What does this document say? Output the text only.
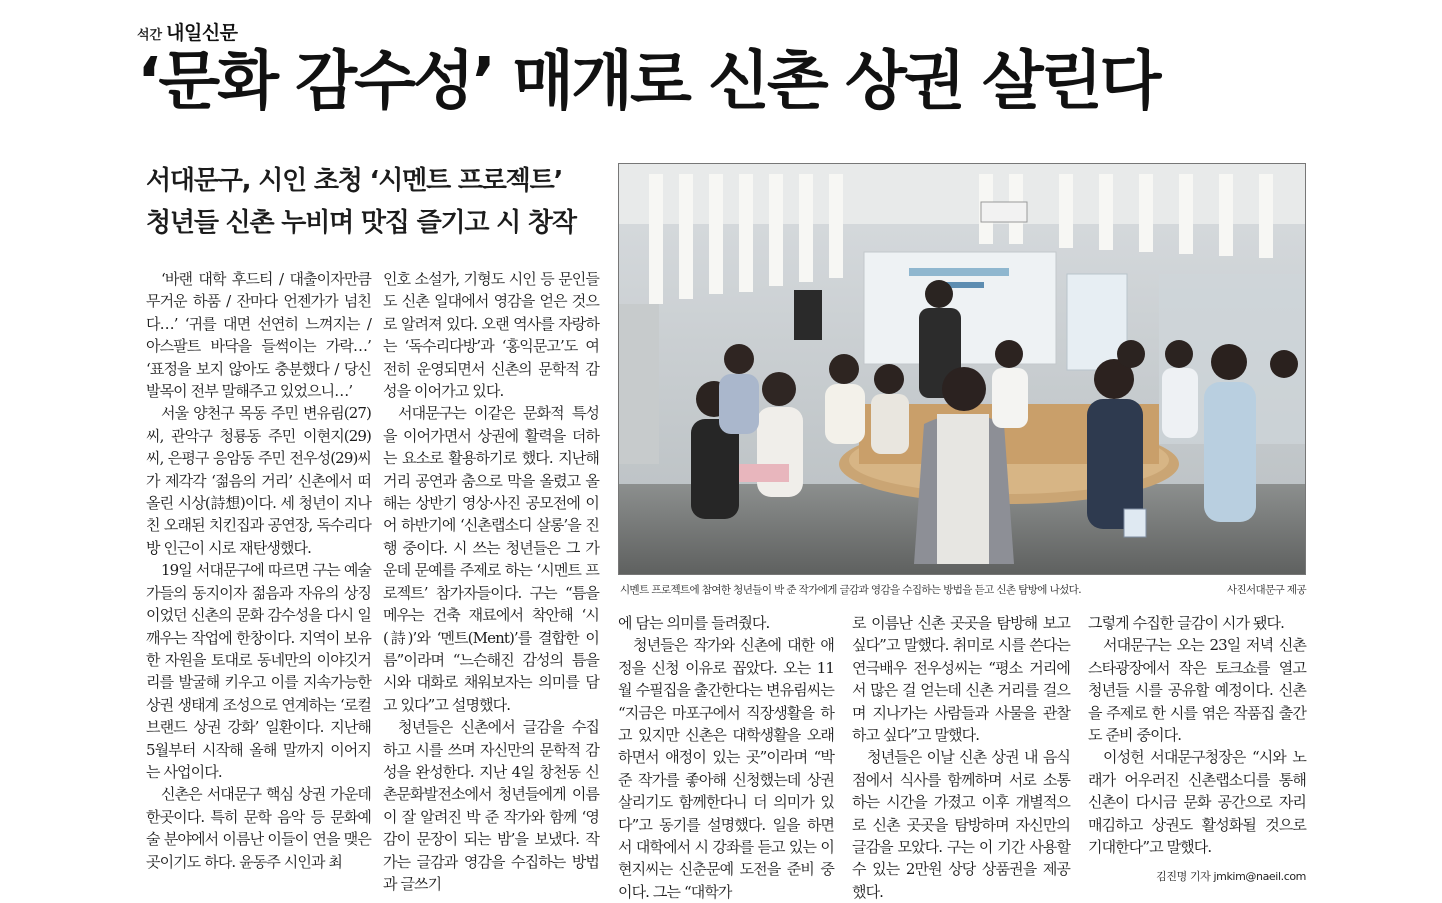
석간 내일신문
‘문화 감수성’ 매개로 신촌 상권 살린다
서대문구, 시인 초청 ‘시멘트 프로젝트’
청년들 신촌 누비며 맛집 즐기고 시 창작

‘바랜 대학 후드티 / 대출이자만큼 무거운 하품 / 잔마다 언젠가가 넘친다…’ ‘귀를 대면 선연히 느껴지는 / 아스팔트 바닥을 들썩이는 가락…’ ‘표정을 보지 않아도 충분했다 / 당신 발목이 전부 말해주고 있었으니…’

서울 양천구 목동 주민 변유림(27)씨, 관악구 청룡동 주민 이현지(29)씨, 은평구 응암동 주민 전우성(29)씨가 제각각 ‘젊음의 거리’ 신촌에서 떠올린 시상(詩想)이다. 세 청년이 지나친 오래된 치킨집과 공연장, 독수리다방 인근이 시로 재탄생했다.

19일 서대문구에 따르면 구는 예술가들의 동지이자 젊음과 자유의 상징이었던 신촌의 문화 감수성을 다시 일깨우는 작업에 한창이다. 지역이 보유한 자원을 토대로 동네만의 이야깃거리를 발굴해 키우고 이를 지속가능한 상권 생태계 조성으로 연계하는 ‘로컬브랜드 상권 강화’ 일환이다. 지난해 5월부터 시작해 올해 말까지 이어지는 사업이다.

신촌은 서대문구 핵심 상권 가운데 한곳이다. 특히 문학 음악 등 문화예술 분야에서 이름난 이들이 연을 맺은 곳이기도 하다. 윤동주 시인과 최

인호 소설가, 기형도 시인 등 문인들도 신촌 일대에서 영감을 얻은 것으로 알려져 있다. 오랜 역사를 자랑하는 ‘독수리다방’과 ‘홍익문고’도 여전히 운영되면서 신촌의 문학적 감성을 이어가고 있다.

서대문구는 이같은 문화적 특성을 이어가면서 상권에 활력을 더하는 요소로 활용하기로 했다. 지난해 거리 공연과 춤으로 막을 올렸고 올해는 상반기 영상·사진 공모전에 이어 하반기에 ‘신촌랩소디 살롱’을 진행 중이다. 시 쓰는 청년들은 그 가운데 문예를 주제로 하는 ‘시멘트 프로젝트’ 참가자들이다. 구는 “틈을 메우는 건축 재료에서 착안해 ‘시(詩)’와 ‘멘트(Ment)’를 결합한 이름”이라며 “느슨해진 감성의 틈을 시와 대화로 채워보자는 의미를 담고 있다”고 설명했다.

청년들은 신촌에서 글감을 수집하고 시를 쓰며 자신만의 문학적 감성을 완성한다. 지난 4일 창천동 신촌문화발전소에서 청년들에게 이름이 잘 알려진 박 준 작가와 함께 ‘영감이 문장이 되는 밤’을 보냈다. 작가는 글감과 영감을 수집하는 방법과 글쓰기

시멘트 프로젝트에 참여한 청년들이 박 준 작가에게 글감과 영감을 수집하는 방법을 듣고 신촌 탐방에 나섰다.	사진서대문구 제공

에 담는 의미를 들려줬다.

청년들은 작가와 신촌에 대한 애정을 신청 이유로 꼽았다. 오는 11월 수필집을 출간한다는 변유림씨는 “지금은 마포구에서 직장생활을 하고 있지만 신촌은 대학생활을 오래 하면서 애정이 있는 곳”이라며 “박 준 작가를 좋아해 신청했는데 상권 살리기도 함께한다니 더 의미가 있다”고 동기를 설명했다. 일을 하면서 대학에서 시 강좌를 듣고 있는 이현지씨는 신춘문예 도전을 준비 중이다. 그는 “대학가

로 이름난 신촌 곳곳을 탐방해 보고 싶다”고 말했다. 취미로 시를 쓴다는 연극배우 전우성씨는 “평소 거리에서 많은 걸 얻는데 신촌 거리를 걸으며 지나가는 사람들과 사물을 관찰하고 싶다”고 말했다.

청년들은 이날 신촌 상권 내 음식점에서 식사를 함께하며 서로 소통하는 시간을 가졌고 이후 개별적으로 신촌 곳곳을 탐방하며 자신만의 글감을 모았다. 구는 이 기간 사용할 수 있는 2만원 상당 상품권을 제공했다.

그렇게 수집한 글감이 시가 됐다.

서대문구는 오는 23일 저녁 신촌스타광장에서 작은 토크쇼를 열고 청년들 시를 공유할 예정이다. 신촌을 주제로 한 시를 엮은 작품집 출간도 준비 중이다.

이성헌 서대문구청장은 “시와 노래가 어우러진 신촌랩소디를 통해 신촌이 다시금 문화 공간으로 자리매김하고 상권도 활성화될 것으로 기대한다”고 말했다.

김진명 기자 jmkim@naeil.com
